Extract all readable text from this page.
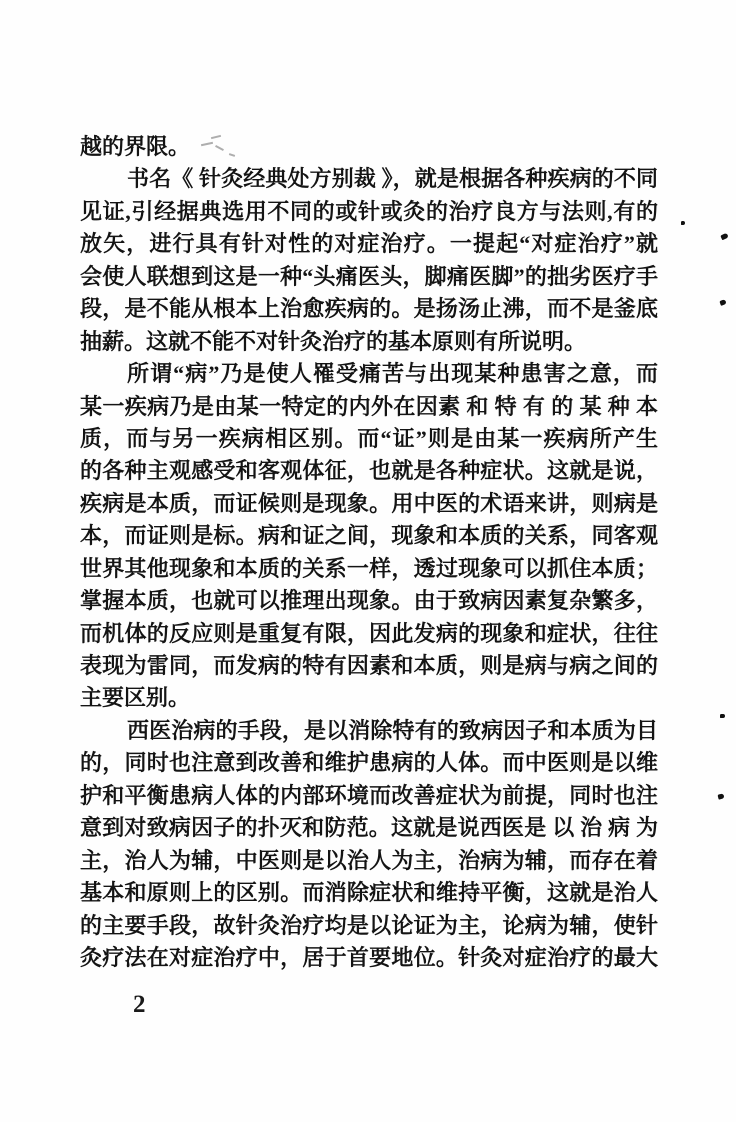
越的界限。
书名《 针灸经典处方别裁 》，就是根据各种疾病的不同
见证,引经据典选用不同的或针或灸的治疗良方与法则,有的
放矢，进行具有针对性的对症治疗。一提起“对症治疗”就
会使人联想到这是一种“头痛医头，脚痛医脚”的拙劣医疗手
段，是不能从根本上治愈疾病的。是扬汤止沸，而不是釜底
抽薪。这就不能不对针灸治疗的基本原则有所说明。
所谓“病”乃是使人罹受痛苦与出现某种患害之意，而
某一疾病乃是由某一特定的内外在因素 和 特 有 的 某 种 本
质，而与另一疾病相区别。而“证”则是由某一疾病所产生
的各种主观感受和客观体征，也就是各种症状。这就是说，
疾病是本质，而证候则是现象。用中医的术语来讲，则病是
本，而证则是标。病和证之间，现象和本质的关系，同客观
世界其他现象和本质的关系一样，透过现象可以抓住本质；
掌握本质，也就可以推理出现象。由于致病因素复杂繁多，
而机体的反应则是重复有限，因此发病的现象和症状，往往
表现为雷同，而发病的特有因素和本质，则是病与病之间的
主要区别。
西医治病的手段，是以消除特有的致病因子和本质为目
的，同时也注意到改善和维护患病的人体。而中医则是以维
护和平衡患病人体的内部环境而改善症状为前提，同时也注
意到对致病因子的扑灭和防范。这就是说西医是 以 治 病 为
主，治人为辅，中医则是以治人为主，治病为辅，而存在着
基本和原则上的区别。而消除症状和维持平衡，这就是治人
的主要手段，故针灸治疗均是以论证为主，论病为辅，使针
灸疗法在对症治疗中，居于首要地位。针灸对症治疗的最大
2
